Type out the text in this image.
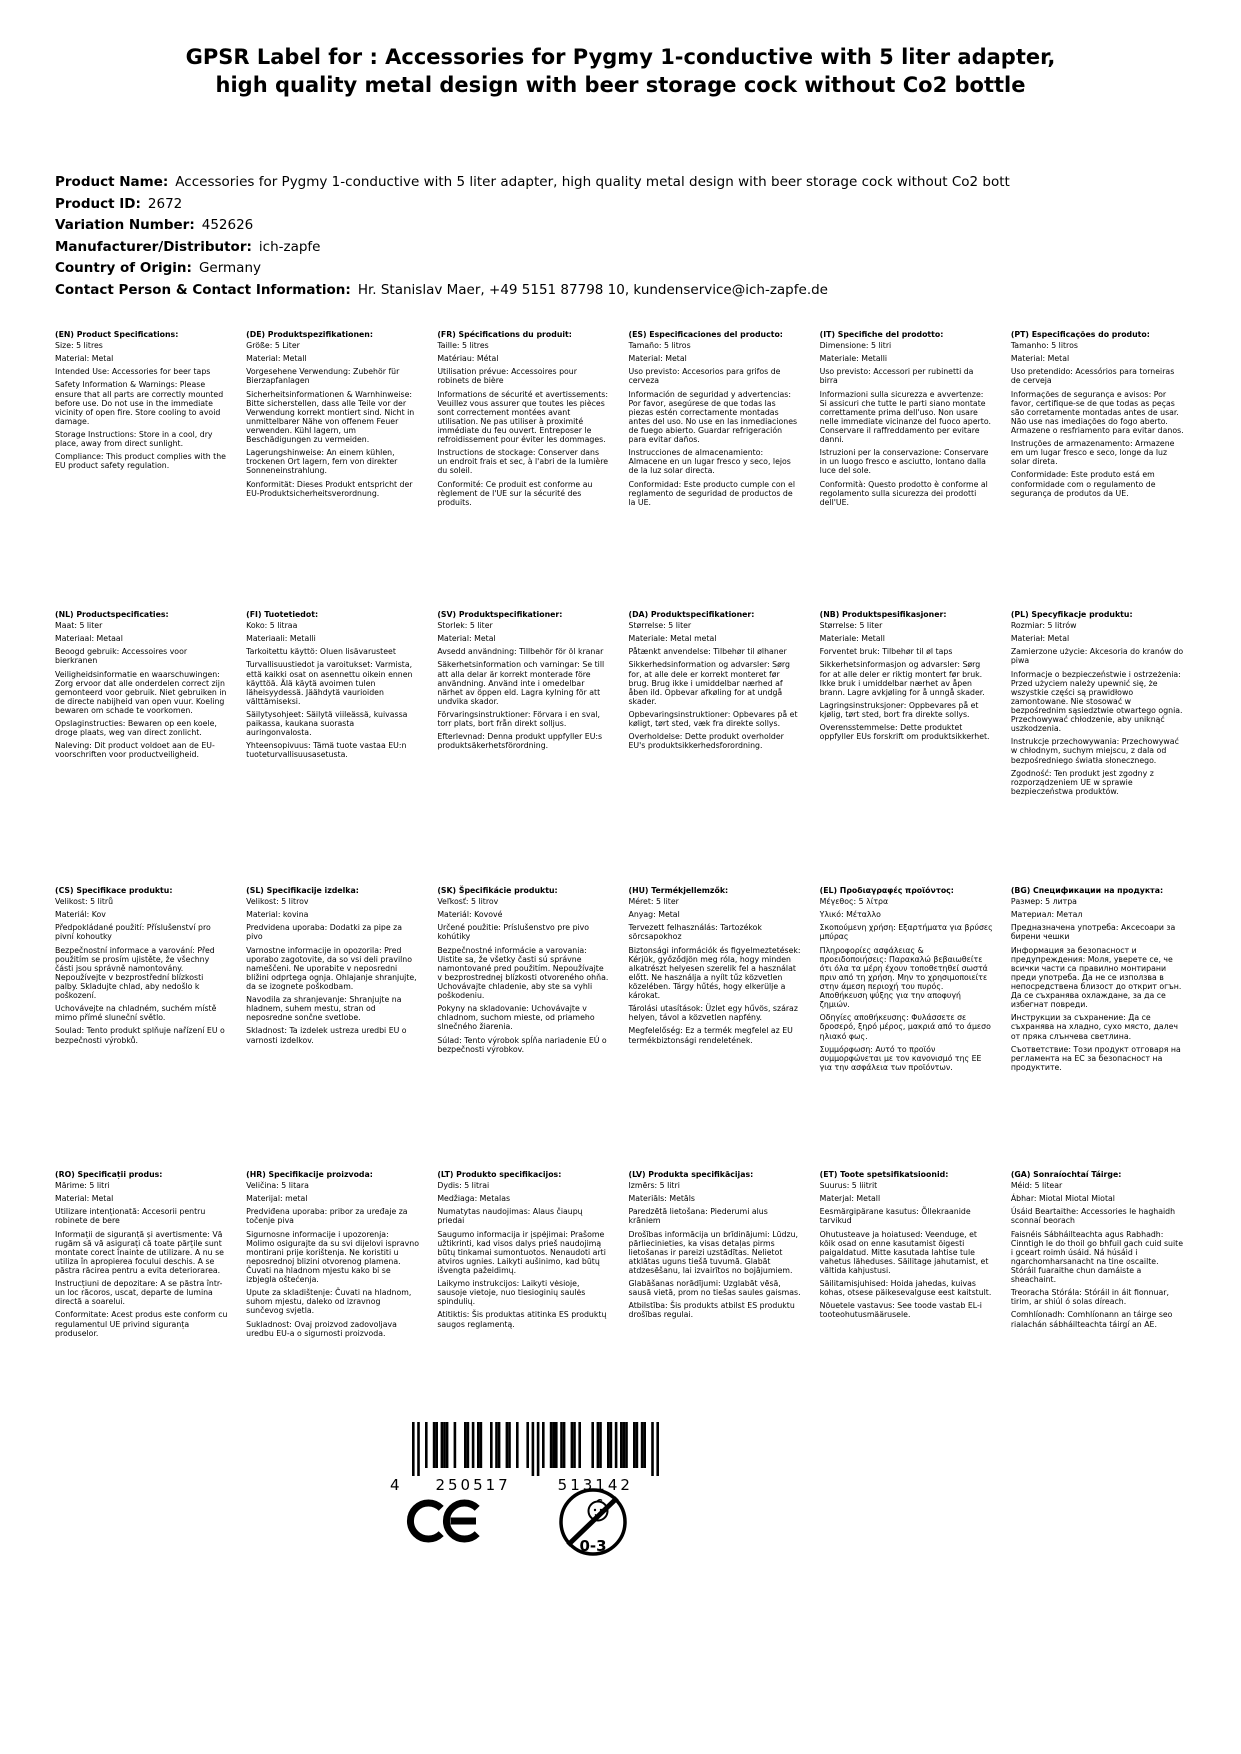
GPSR Label for : Accessories for Pygmy 1-conductive with 5 liter adapter, high quality metal design with beer storage cock without Co2 bottle
Product Name: Accessories for Pygmy 1-conductive with 5 liter adapter, high quality metal design with beer storage cock without Co2 bott
Product ID: 2672
Variation Number: 452626
Manufacturer/Distributor: ich-zapfe
Country of Origin: Germany
Contact Person & Contact Information: Hr. Stanislav Maer, +49 5151 87798 10, kundenservice@ich-zapfe.de
(EN) Product Specifications:
Size: 5 litres
Material: Metal
Intended Use: Accessories for beer taps
Safety Information & Warnings: Please ensure that all parts are correctly mounted before use. Do not use in the immediate vicinity of open fire. Store cooling to avoid damage.
Storage Instructions: Store in a cool, dry place, away from direct sunlight.
Compliance: This product complies with the EU product safety regulation.
(DE) Produktspezifikationen:
Größe: 5 Liter
Material: Metall
Vorgesehene Verwendung: Zubehör für Bierzapfanlagen
Sicherheitsinformationen & Warnhinweise: Bitte sicherstellen, dass alle Teile vor der Verwendung korrekt montiert sind. Nicht in unmittelbarer Nähe von offenem Feuer verwenden. Kühl lagern, um Beschädigungen zu vermeiden.
Lagerungshinweise: An einem kühlen, trockenen Ort lagern, fern von direkter Sonneneinstrahlung.
Konformität: Dieses Produkt entspricht der EU-Produktsicherheitsverordnung.
(FR) Spécifications du produit:
Taille: 5 litres
Matériau: Métal
Utilisation prévue: Accessoires pour robinets de bière
Informations de sécurité et avertissements: Veuillez vous assurer que toutes les pièces sont correctement montées avant utilisation. Ne pas utiliser à proximité immédiate du feu ouvert. Entreposer le refroidissement pour éviter les dommages.
Instructions de stockage: Conserver dans un endroit frais et sec, à l'abri de la lumière du soleil.
Conformité: Ce produit est conforme au règlement de l'UE sur la sécurité des produits.
(ES) Especificaciones del producto:
Tamaño: 5 litros
Material: Metal
Uso previsto: Accesorios para grifos de cerveza
Información de seguridad y advertencias: Por favor, asegúrese de que todas las piezas estén correctamente montadas antes del uso. No use en las inmediaciones de fuego abierto. Guardar refrigeración para evitar daños.
Instrucciones de almacenamiento: Almacene en un lugar fresco y seco, lejos de la luz solar directa.
Conformidad: Este producto cumple con el reglamento de seguridad de productos de la UE.
(IT) Specifiche del prodotto:
Dimensione: 5 litri
Materiale: Metalli
Uso previsto: Accessori per rubinetti da birra
Informazioni sulla sicurezza e avvertenze: Si assicuri che tutte le parti siano montate correttamente prima dell'uso. Non usare nelle immediate vicinanze del fuoco aperto. Conservare il raffreddamento per evitare danni.
Istruzioni per la conservazione: Conservare in un luogo fresco e asciutto, lontano dalla luce del sole.
Conformità: Questo prodotto è conforme al regolamento sulla sicurezza dei prodotti dell'UE.
(PT) Especificações do produto:
Tamanho: 5 litros
Material: Metal
Uso pretendido: Acessórios para torneiras de cerveja
Informações de segurança e avisos: Por favor, certifique-se de que todas as peças são corretamente montadas antes de usar. Não use nas imediações do fogo aberto. Armazene o resfriamento para evitar danos.
Instruções de armazenamento: Armazene em um lugar fresco e seco, longe da luz solar direta.
Conformidade: Este produto está em conformidade com o regulamento de segurança de produtos da UE.
(NL) Productspecificaties:
Maat: 5 liter
Materiaal: Metaal
Beoogd gebruik: Accessoires voor bierkranen
Veiligheidsinformatie en waarschuwingen: Zorg ervoor dat alle onderdelen correct zijn gemonteerd voor gebruik. Niet gebruiken in de directe nabijheid van open vuur. Koeling bewaren om schade te voorkomen.
Opslaginstructies: Bewaren op een koele, droge plaats, weg van direct zonlicht.
Naleving: Dit product voldoet aan de EU-voorschriften voor productveiligheid.
(FI) Tuotetiedot:
Koko: 5 litraa
Materiaali: Metalli
Tarkoitettu käyttö: Oluen lisävarusteet
Turvallisuustiedot ja varoitukset: Varmista, että kaikki osat on asennettu oikein ennen käyttöä. Älä käytä avoimen tulen läheisyydessä. Jäähdytä vaurioiden välttämiseksi.
Säilytysohjeet: Säilytä viileässä, kuivassa paikassa, kaukana suorasta auringonvalosta.
Yhteensopivuus: Tämä tuote vastaa EU:n tuoteturvallisuusasetusta.
(SV) Produktspecifikationer:
Storlek: 5 liter
Material: Metal
Avsedd användning: Tillbehör för öl kranar
Säkerhetsinformation och varningar: Se till att alla delar är korrekt monterade före användning. Använd inte i omedelbar närhet av öppen eld. Lagra kylning för att undvika skador.
Förvaringsinstruktioner: Förvara i en sval, torr plats, bort från direkt solljus.
Efterlevnad: Denna produkt uppfyller EU:s produktsäkerhetsförordning.
(DA) Produktspecifikationer:
Størrelse: 5 liter
Materiale: Metal metal
Påtænkt anvendelse: Tilbehør til ølhaner
Sikkerhedsinformation og advarsler: Sørg for, at alle dele er korrekt monteret før brug. Brug ikke i umiddelbar nærhed af åben ild. Opbevar afkøling for at undgå skader.
Opbevaringsinstruktioner: Opbevares på et køligt, tørt sted, væk fra direkte sollys.
Overholdelse: Dette produkt overholder EU's produktsikkerhedsforordning.
(NB) Produktspesifikasjoner:
Størrelse: 5 liter
Materiale: Metall
Forventet bruk: Tilbehør til øl taps
Sikkerhetsinformasjon og advarsler: Sørg for at alle deler er riktig montert før bruk. Ikke bruk i umiddelbar nærhet av åpen brann. Lagre avkjøling for å unngå skader.
Lagringsinstruksjoner: Oppbevares på et kjølig, tørt sted, bort fra direkte sollys.
Overensstemmelse: Dette produktet oppfyller EUs forskrift om produktsikkerhet.
(PL) Specyfikacje produktu:
Rozmiar: 5 litrów
Materiał: Metal
Zamierzone użycie: Akcesoria do kranów do piwa
Informacje o bezpieczeństwie i ostrzeżenia: Przed użyciem należy upewnić się, że wszystkie części są prawidłowo zamontowane. Nie stosować w bezpośrednim sąsiedztwie otwartego ognia. Przechowywać chłodzenie, aby uniknąć uszkodzenia.
Instrukcje przechowywania: Przechowywać w chłodnym, suchym miejscu, z dala od bezpośredniego światła słonecznego.
Zgodność: Ten produkt jest zgodny z rozporządzeniem UE w sprawie bezpieczeństwa produktów.
(CS) Specifikace produktu:
Velikost: 5 litrů
Materiál: Kov
Předpokládané použití: Příslušenství pro pivní kohoutky
Bezpečnostní informace a varování: Před použitím se prosím ujistěte, že všechny části jsou správně namontovány. Nepoužívejte v bezprostřední blízkosti palby. Skladujte chlad, aby nedošlo k poškození.
Uchovávejte na chladném, suchém místě mimo přímé sluneční světlo.
Soulad: Tento produkt splňuje nařízení EU o bezpečnosti výrobků.
(SL) Specifikacije izdelka:
Velikost: 5 litrov
Material: kovina
Predvidena uporaba: Dodatki za pipe za pivo
Varnostne informacije in opozorila: Pred uporabo zagotovite, da so vsi deli pravilno nameščeni. Ne uporabite v neposredni bližini odprtega ognja. Ohlajanje shranjujte, da se izognete poškodbam.
Navodila za shranjevanje: Shranjujte na hladnem, suhem mestu, stran od neposredne sončne svetlobe.
Skladnost: Ta izdelek ustreza uredbi EU o varnosti izdelkov.
(SK) Špecifikácie produktu:
Veľkosť: 5 litrov
Materiál: Kovové
Určené použitie: Príslušenstvo pre pivo kohútiky
Bezpečnostné informácie a varovania: Uistite sa, že všetky časti sú správne namontované pred použitím. Nepoužívajte v bezprostrednej blízkosti otvoreného ohňa. Uchovávajte chladenie, aby ste sa vyhli poškodeniu.
Pokyny na skladovanie: Uchovávajte v chladnom, suchom mieste, od priameho slnečného žiarenia.
Súlad: Tento výrobok spĺňa nariadenie EÚ o bezpečnosti výrobkov.
(HU) Termékjellemzők:
Méret: 5 liter
Anyag: Metal
Tervezett felhasználás: Tartozékok sörcsapokhoz
Biztonsági információk és figyelmeztetések: Kérjük, győződjön meg róla, hogy minden alkatrészt helyesen szerelik fel a használat előtt. Ne használja a nyílt tűz közvetlen közelében. Tárgy hűtés, hogy elkerülje a károkat.
Tárolási utasítások: Üzlet egy hűvös, száraz helyen, távol a közvetlen napfény.
Megfelelőség: Ez a termék megfelel az EU termékbiztonsági rendeletének.
(EL) Προδιαγραφές προϊόντος:
Μέγεθος: 5 λίτρα
Υλικό: Μέταλλο
Σκοπούμενη χρήση: Εξαρτήματα για βρύσες μπύρας
Πληροφορίες ασφάλειας & προειδοποιήσεις: Παρακαλώ βεβαιωθείτε ότι όλα τα μέρη έχουν τοποθετηθεί σωστά πριν από τη χρήση. Μην το χρησιμοποιείτε στην άμεση περιοχή του πυρός. Αποθήκευση ψύξης για την αποφυγή ζημιών.
Οδηγίες αποθήκευσης: Φυλάσσετε σε δροσερό, ξηρό μέρος, μακριά από το άμεσο ηλιακό φως.
Συμμόρφωση: Αυτό το προϊόν συμμορφώνεται με τον κανονισμό της ΕΕ για την ασφάλεια των προϊόντων.
(BG) Спецификации на продукта:
Размер: 5 литра
Материал: Метал
Предназначена употреба: Аксесоари за бирени чешки
Информация за безопасност и предупреждения: Моля, уверете се, че всички части са правилно монтирани преди употреба. Да не се използва в непосредствена близост до открит огън. Да се съхранява охлаждане, за да се избегнат повреди.
Инструкции за съхранение: Да се съхранява на хладно, сухо място, далеч от пряка слънчева светлина.
Съответствие: Този продукт отговаря на регламента на ЕС за безопасност на продуктите.
(RO) Specificații produs:
Mărime: 5 litri
Material: Metal
Utilizare intenționată: Accesorii pentru robinete de bere
Informații de siguranță și avertismente: Vă rugăm să vă asigurați că toate părțile sunt montate corect înainte de utilizare. A nu se utiliza în apropierea focului deschis. A se păstra răcirea pentru a evita deteriorarea.
Instrucțiuni de depozitare: A se păstra într- un loc răcoros, uscat, departe de lumina directă a soarelui.
Conformitate: Acest produs este conform cu regulamentul UE privind siguranța produselor.
(HR) Specifikacije proizvoda:
Veličina: 5 litara
Materijal: metal
Predviđena uporaba: pribor za uređaje za točenje piva
Sigurnosne informacije i upozorenja: Molimo osigurajte da su svi dijelovi ispravno montirani prije korištenja. Ne koristiti u neposrednoj blizini otvorenog plamena. Čuvati na hladnom mjestu kako bi se izbjegla oštećenja.
Upute za skladištenje: Čuvati na hladnom, suhom mjestu, daleko od izravnog sunčevog svjetla.
Sukladnost: Ovaj proizvod zadovoljava uredbu EU-a o sigurnosti proizvoda.
(LT) Produkto specifikacijos:
Dydis: 5 litrai
Medžiaga: Metalas
Numatytas naudojimas: Alaus čiaupų priedai
Saugumo informacija ir įspėjimai: Prašome užtikrinti, kad visos dalys prieš naudojimą būtų tinkamai sumontuotos. Nenaudoti arti atviros ugnies. Laikyti aušinimo, kad būtų išvengta pažeidimų.
Laikymo instrukcijos: Laikyti vėsioje, sausoje vietoje, nuo tiesioginių saulės spindulių.
Atitiktis: Šis produktas atitinka ES produktų saugos reglamentą.
(LV) Produkta specifikācijas:
Izmērs: 5 litri
Materiāls: Metāls
Paredzētā lietošana: Piederumi alus krāniem
Drošības informācija un brīdinājumi: Lūdzu, pārliecinieties, ka visas detaļas pirms lietošanas ir pareizi uzstādītas. Nelietot atklātas uguns tiešā tuvumā. Glabāt atdzesēšanu, lai izvairītos no bojājumiem.
Glabāšanas norādījumi: Uzglabāt vēsā, sausā vietā, prom no tiešas saules gaismas.
Atbilstība: Šis produkts atbilst ES produktu drošības regulai.
(ET) Toote spetsifikatsioonid:
Suurus: 5 liitrit
Materjal: Metall
Eesmärgipärane kasutus: Õllekraanide tarvikud
Ohutusteave ja hoiatused: Veenduge, et kõik osad on enne kasutamist õigesti paigaldatud. Mitte kasutada lahtise tule vahetus läheduses. Säilitage jahutamist, et vältida kahjustusi.
Säilitamisjuhised: Hoida jahedas, kuivas kohas, otsese päikesevalguse eest kaitstult.
Nõuetele vastavus: See toode vastab EL-i tooteohutusmäärusele.
(GA) Sonraíochtaí Táirge:
Méid: 5 litear
Ábhar: Miotal Miotal Miotal
Úsáid Beartaithe: Accessories le haghaidh sconnaí beorach
Faisnéis Sábháilteachta agus Rabhadh: Cinntigh le do thoil go bhfuil gach cuid suite i gceart roimh úsáid. Ná húsáid i ngarchomharsanacht na tine oscailte. Stóráil fuaraithe chun damáiste a sheachaint.
Treoracha Stórála: Stóráil in áit fionnuar, tirim, ar shiúl ó solas díreach.
Comhlíonadh: Comhlíonann an táirge seo rialachán sábháilteachta táirgí an AE.
4 250517	513142
0-3
